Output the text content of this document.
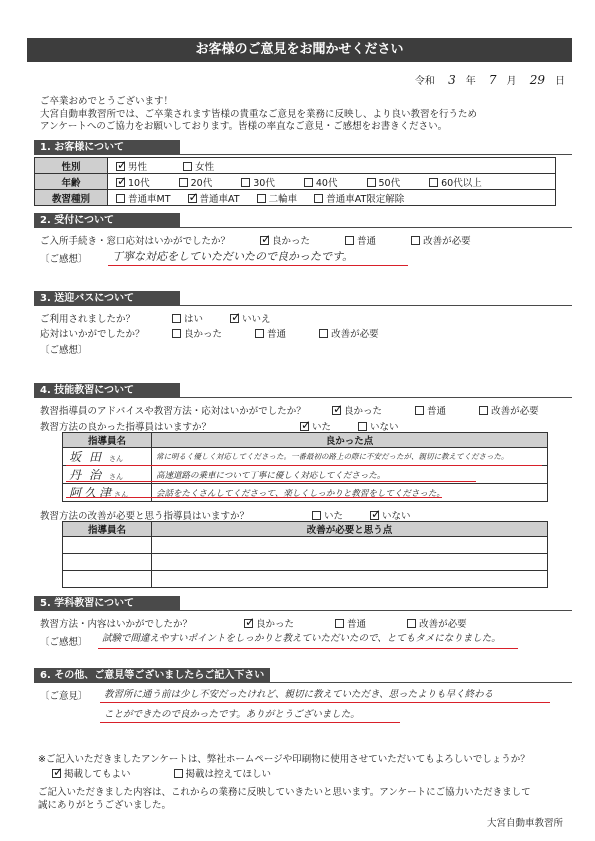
お客様のご意見をお聞かせください
令和 3 年 7 月 29 日
ご卒業おめでとうございます！
大宮自動車教習所では、ご卒業されます皆様の貴重なご意見を業務に反映し、より良い教習を行うため
アンケートへのご協力をお願いしております。皆様の率直なご意見・ご感想をお書きください。
1. お客様について
性別	✓男性 女性
年齢	✓10代 20代 30代 40代 50代 60代以上
教習種別	普通車MT ✓ 普通車AT 二輪車 普通車AT限定解除
2. 受付について
ご入所手続き・窓口応対はいかがでしたか？ ✓	良かった	普通	改善が必要
〔ご感想〕 丁寧な対応をしていただいたので良かったです。
3. 送迎バスについて
ご利用されましたか？	はい ✓	いいえ
応対はいかがでしたか？	良かった	普通	改善が必要
〔ご感想〕
4. 技能教習について
教習指導員のアドバイスや教習方法・応対はいかがでしたか？ ✓	良かった	普通	改善が必要
教習方法の良かった指導員はいますか？ ✓	いた	いない
指導員名	良かった点
坂田さん	常に明るく優しく対応してくださった。一番最初の路上の際に不安だったが、親切に教えてくださった。
丹治さん	高速道路の乗車について丁寧に優しく対応してくださった。
阿久津さん	会話をたくさんしてくださって、楽しくしっかりと教習をしてくださった。
教習方法の改善が必要と思う指導員はいますか？	いた ✓	いない
指導員名	改善が必要と思う点

5. 学科教習について
教習方法・内容はいかがでしたか？ ✓	良かった	普通	改善が必要
〔ご感想〕 試験で間違えやすいポイントをしっかりと教えていただいたので、とてもタメになりました。
6. その他、ご意見等ございましたらご記入下さい
〔ご意見〕 教習所に通う前は少し不安だったけれど、親切に教えていただき、思ったよりも早く終わる
ことができたので良かったです。ありがとうございました。
※ご記入いただきましたアンケートは、弊社ホームページや印刷物に使用させていただいてもよろしいでしょうか？
✓掲載してもよい	掲載は控えてほしい
ご記入いただきました内容は、これからの業務に反映していきたいと思います。アンケートにご協力いただきまして
誠にありがとうございました。
大宮自動車教習所
